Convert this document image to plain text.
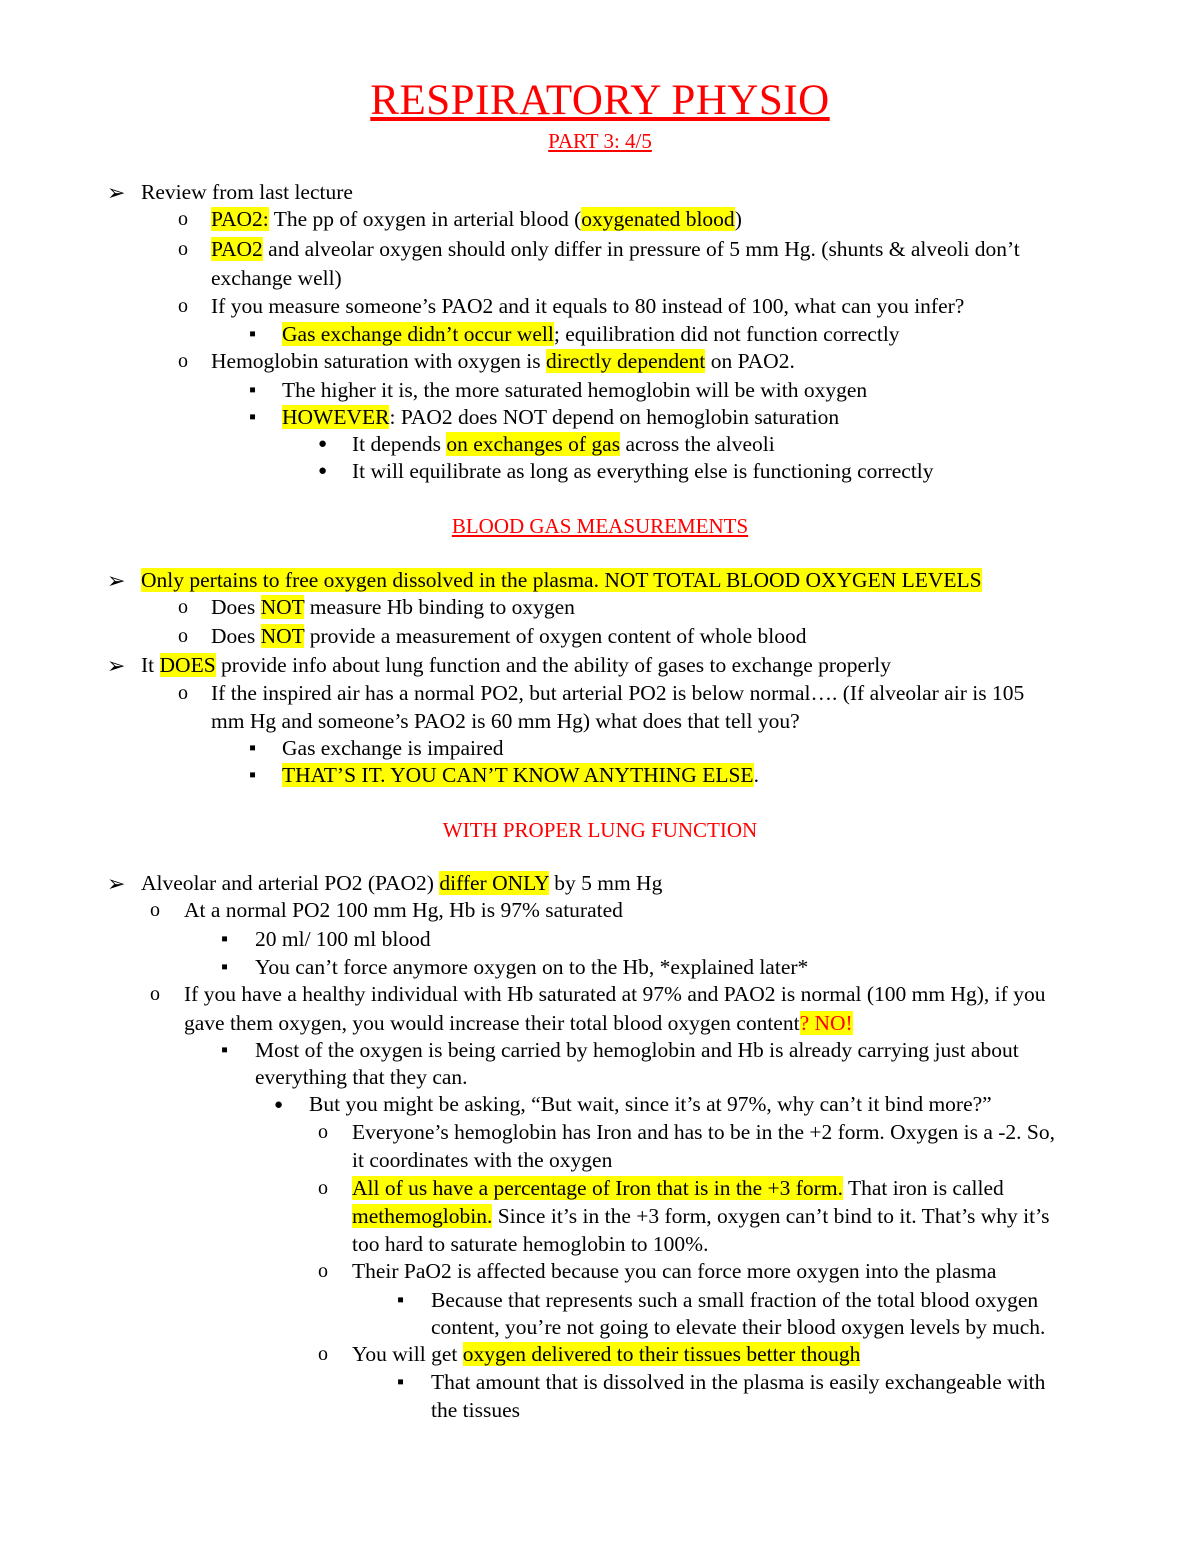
RESPIRATORY PHYSIO
PART 3: 4/5
➢ Review from last lecture
o PAO2: The pp of oxygen in arterial blood (oxygenated blood)
o PAO2 and alveolar oxygen should only differ in pressure of 5 mm Hg. (shunts & alveoli don’t
exchange well)
o If you measure someone’s PAO2 and it equals to 80 instead of 100, what can you infer?
▪ Gas exchange didn’t occur well; equilibration did not function correctly
o Hemoglobin saturation with oxygen is directly dependent on PAO2.
▪ The higher it is, the more saturated hemoglobin will be with oxygen
▪ HOWEVER: PAO2 does NOT depend on hemoglobin saturation
● It depends on exchanges of gas across the alveoli
● It will equilibrate as long as everything else is functioning correctly
BLOOD GAS MEASUREMENTS
➢ Only pertains to free oxygen dissolved in the plasma. NOT TOTAL BLOOD OXYGEN LEVELS
o Does NOT measure Hb binding to oxygen
o Does NOT provide a measurement of oxygen content of whole blood
➢ It DOES provide info about lung function and the ability of gases to exchange properly
o If the inspired air has a normal PO2, but arterial PO2 is below normal…. (If alveolar air is 105
mm Hg and someone’s PAO2 is 60 mm Hg) what does that tell you?
▪ Gas exchange is impaired
▪ THAT’S IT. YOU CAN’T KNOW ANYTHING ELSE.
WITH PROPER LUNG FUNCTION
➢ Alveolar and arterial PO2 (PAO2) differ ONLY by 5 mm Hg
o At a normal PO2 100 mm Hg, Hb is 97% saturated
▪ 20 ml/ 100 ml blood
▪ You can’t force anymore oxygen on to the Hb, *explained later*
o If you have a healthy individual with Hb saturated at 97% and PAO2 is normal (100 mm Hg), if you
gave them oxygen, you would increase their total blood oxygen content? NO!
▪ Most of the oxygen is being carried by hemoglobin and Hb is already carrying just about
everything that they can.
● But you might be asking, “But wait, since it’s at 97%, why can’t it bind more?”
o Everyone’s hemoglobin has Iron and has to be in the +2 form. Oxygen is a -2. So,
it coordinates with the oxygen
o All of us have a percentage of Iron that is in the +3 form. That iron is called
methemoglobin. Since it’s in the +3 form, oxygen can’t bind to it. That’s why it’s
too hard to saturate hemoglobin to 100%.
o Their PaO2 is affected because you can force more oxygen into the plasma
▪ Because that represents such a small fraction of the total blood oxygen
content, you’re not going to elevate their blood oxygen levels by much.
o You will get oxygen delivered to their tissues better though
▪ That amount that is dissolved in the plasma is easily exchangeable with
the tissues
